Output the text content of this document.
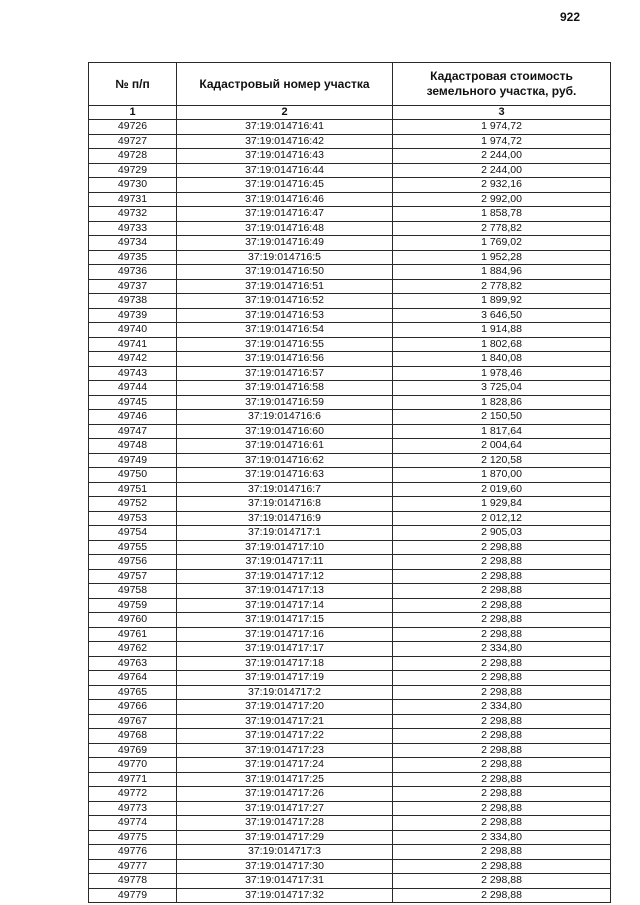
922
№ п/п	Кадастровый номер участка	Кадастровая стоимость земельного участка, руб.
1	2	3
49726	37:19:014716:41	1 974,72
49727	37:19:014716:42	1 974,72
49728	37:19:014716:43	2 244,00
49729	37:19:014716:44	2 244,00
49730	37:19:014716:45	2 932,16
49731	37:19:014716:46	2 992,00
49732	37:19:014716:47	1 858,78
49733	37:19:014716:48	2 778,82
49734	37:19:014716:49	1 769,02
49735	37:19:014716:5	1 952,28
49736	37:19:014716:50	1 884,96
49737	37:19:014716:51	2 778,82
49738	37:19:014716:52	1 899,92
49739	37:19:014716:53	3 646,50
49740	37:19:014716:54	1 914,88
49741	37:19:014716:55	1 802,68
49742	37:19:014716:56	1 840,08
49743	37:19:014716:57	1 978,46
49744	37:19:014716:58	3 725,04
49745	37:19:014716:59	1 828,86
49746	37:19:014716:6	2 150,50
49747	37:19:014716:60	1 817,64
49748	37:19:014716:61	2 004,64
49749	37:19:014716:62	2 120,58
49750	37:19:014716:63	1 870,00
49751	37:19:014716:7	2 019,60
49752	37:19:014716:8	1 929,84
49753	37:19:014716:9	2 012,12
49754	37:19:014717:1	2 905,03
49755	37:19:014717:10	2 298,88
49756	37:19:014717:11	2 298,88
49757	37:19:014717:12	2 298,88
49758	37:19:014717:13	2 298,88
49759	37:19:014717:14	2 298,88
49760	37:19:014717:15	2 298,88
49761	37:19:014717:16	2 298,88
49762	37:19:014717:17	2 334,80
49763	37:19:014717:18	2 298,88
49764	37:19:014717:19	2 298,88
49765	37:19:014717:2	2 298,88
49766	37:19:014717:20	2 334,80
49767	37:19:014717:21	2 298,88
49768	37:19:014717:22	2 298,88
49769	37:19:014717:23	2 298,88
49770	37:19:014717:24	2 298,88
49771	37:19:014717:25	2 298,88
49772	37:19:014717:26	2 298,88
49773	37:19:014717:27	2 298,88
49774	37:19:014717:28	2 298,88
49775	37:19:014717:29	2 334,80
49776	37:19:014717:3	2 298,88
49777	37:19:014717:30	2 298,88
49778	37:19:014717:31	2 298,88
49779	37:19:014717:32	2 298,88
